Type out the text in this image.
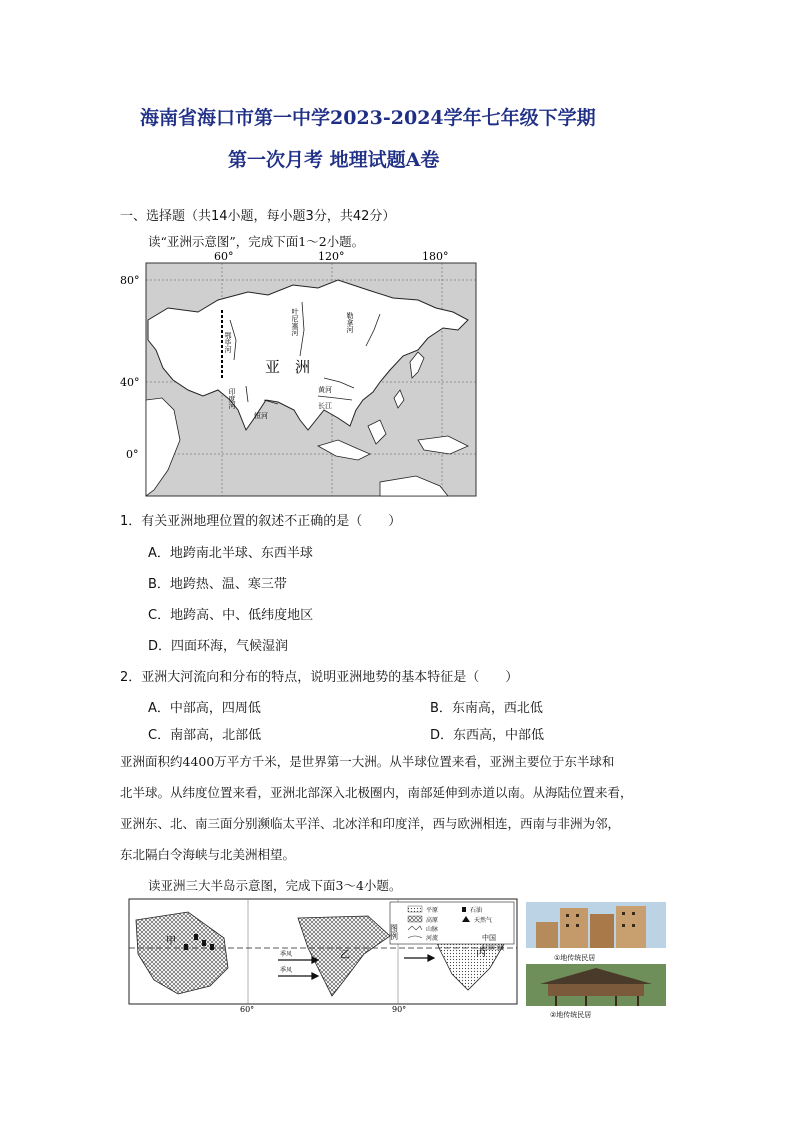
海南省海口市第一中学2023-2024学年七年级下学期
第一次月考 地理试题A卷
一、选择题（共14小题，每小题3分，共42分）
读“亚洲示意图”，完成下面1～2小题。
亚　洲
60°	120°	180°
80°
40°
0°
叶尼塞河	勒拿河
鄂毕河
印度河
恒河
黄河
长江
1．有关亚洲地理位置的叙述不正确的是（　　）
A．地跨南北半球、东西半球
B．地跨热、温、寒三带
C．地跨高、中、低纬度地区
D．四面环海，气候湿润
2．亚洲大河流向和分布的特点，说明亚洲地势的基本特征是（　　）
A．中部高，四周低	B．东南高，西北低
C．南部高，北部低	D．东西高，中部低
亚洲面积约4400万平方千米，是世界第一大洲。从半球位置来看，亚洲主要位于东半球和
北半球。从纬度位置来看，亚洲北部深入北极圈内，南部延伸到赤道以南。从海陆位置来看，
亚洲东、北、南三面分别濒临太平洋、北冰洋和印度洋，西与欧洲相连，西南与非洲为邻，
东北隔白令海峡与北美洲相望。
读亚洲三大半岛示意图，完成下面3～4小题。
图例
平原
高原
山脉
河流
石油
天然气
甲
乙	丙
中国
北回归线
季风
季风
60°	90°
①地传统民居
②地传统民居
